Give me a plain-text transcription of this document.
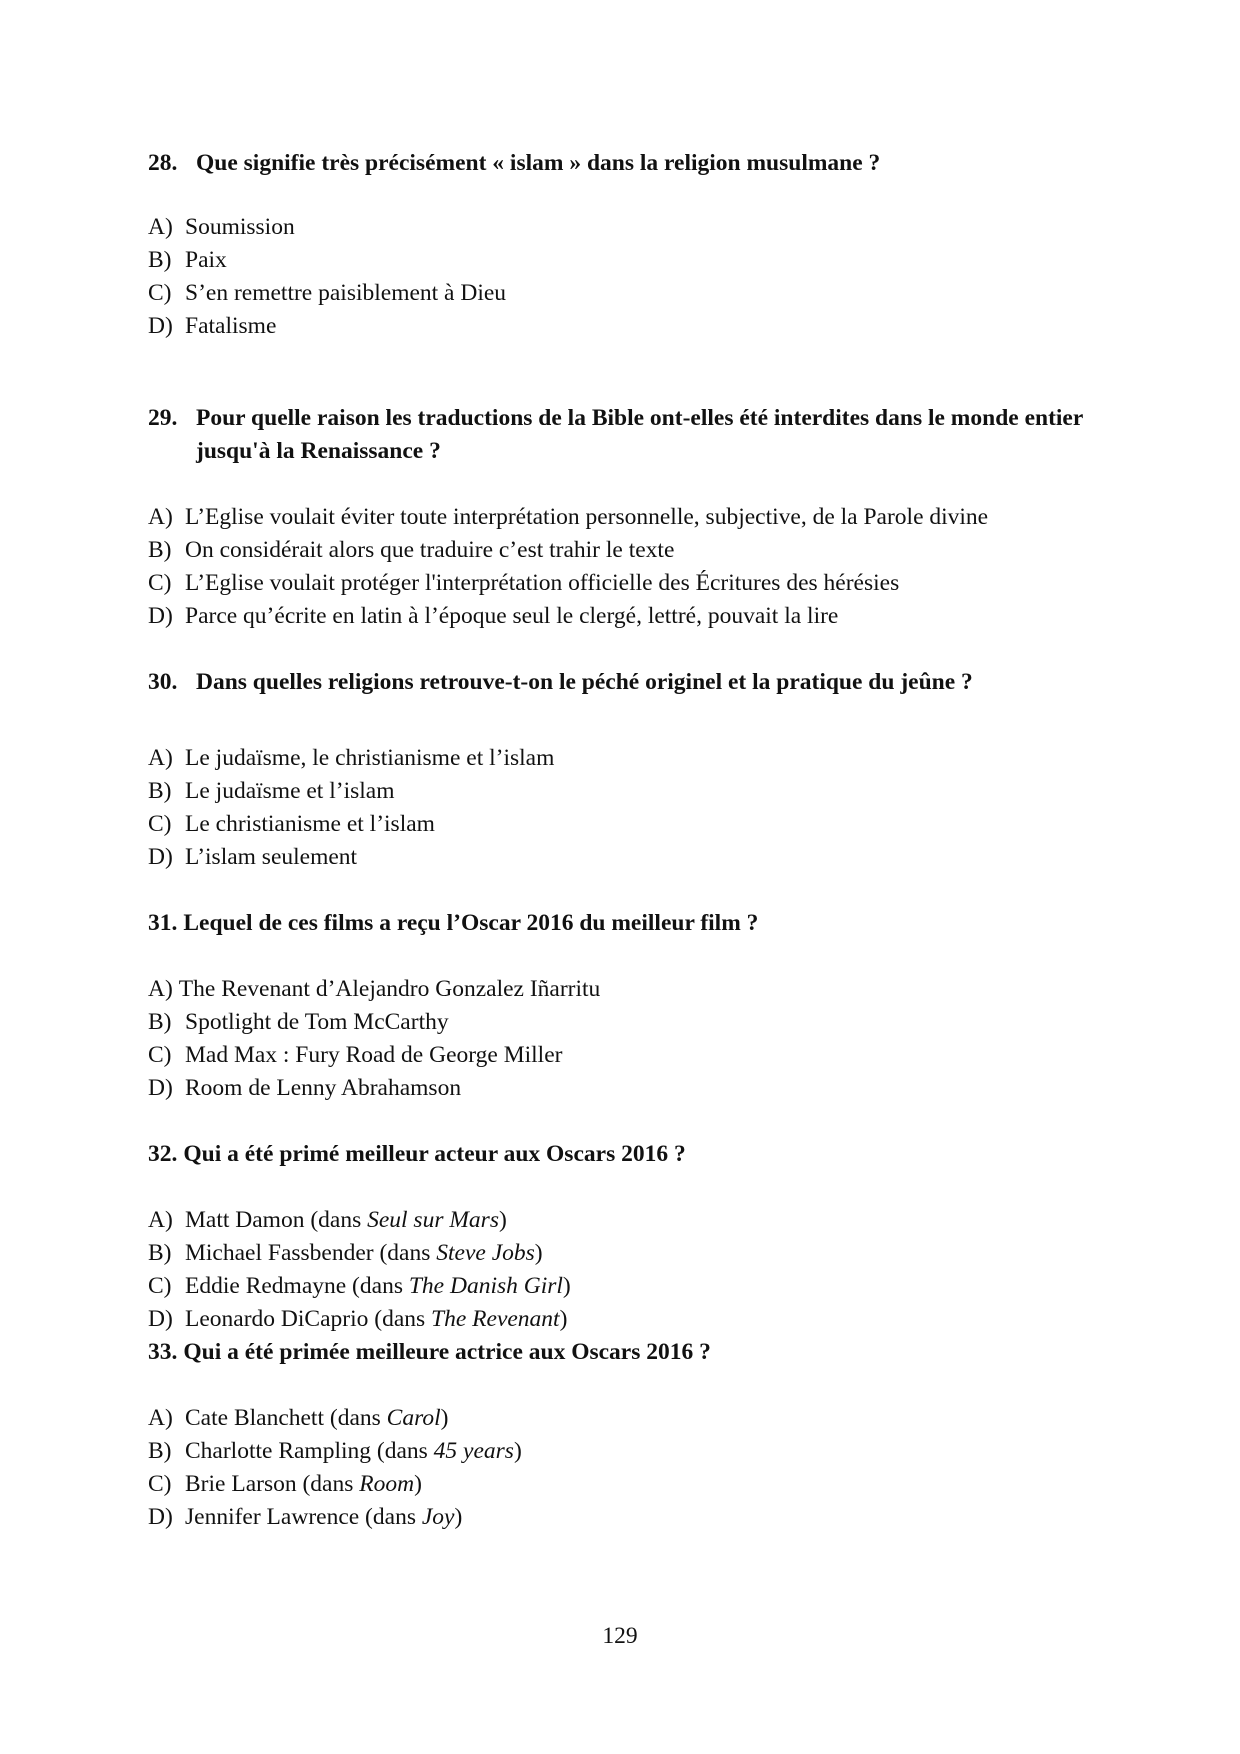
28. Que signifie très précisément « islam » dans la religion musulmane ?
A) Soumission
B) Paix
C) S’en remettre paisiblement à Dieu
D) Fatalisme
29. Pour quelle raison les traductions de la Bible ont-elles été interdites dans le monde entier jusqu'à la Renaissance ?
A) L’Eglise voulait éviter toute interprétation personnelle, subjective, de la Parole divine
B) On considérait alors que traduire c’est trahir le texte
C) L’Eglise voulait protéger l'interprétation officielle des Écritures des hérésies
D) Parce qu’écrite en latin à l’époque seul le clergé, lettré, pouvait la lire
30. Dans quelles religions retrouve-t-on le péché originel et la pratique du jeûne ?
A) Le judaïsme, le christianisme et l’islam
B) Le judaïsme et l’islam
C) Le christianisme et l’islam
D) L’islam seulement
31. Lequel de ces films a reçu l’Oscar 2016 du meilleur film ?
A) The Revenant d’Alejandro Gonzalez Iñarritu
B) Spotlight de Tom McCarthy
C) Mad Max : Fury Road de George Miller
D) Room de Lenny Abrahamson
32. Qui a été primé meilleur acteur aux Oscars 2016 ?
A) Matt Damon (dans Seul sur Mars)
B) Michael Fassbender (dans Steve Jobs)
C) Eddie Redmayne (dans The Danish Girl)
D) Leonardo DiCaprio (dans The Revenant)
33. Qui a été primée meilleure actrice aux Oscars 2016 ?
A) Cate Blanchett (dans Carol)
B) Charlotte Rampling (dans 45 years)
C) Brie Larson (dans Room)
D) Jennifer Lawrence (dans Joy)
129
